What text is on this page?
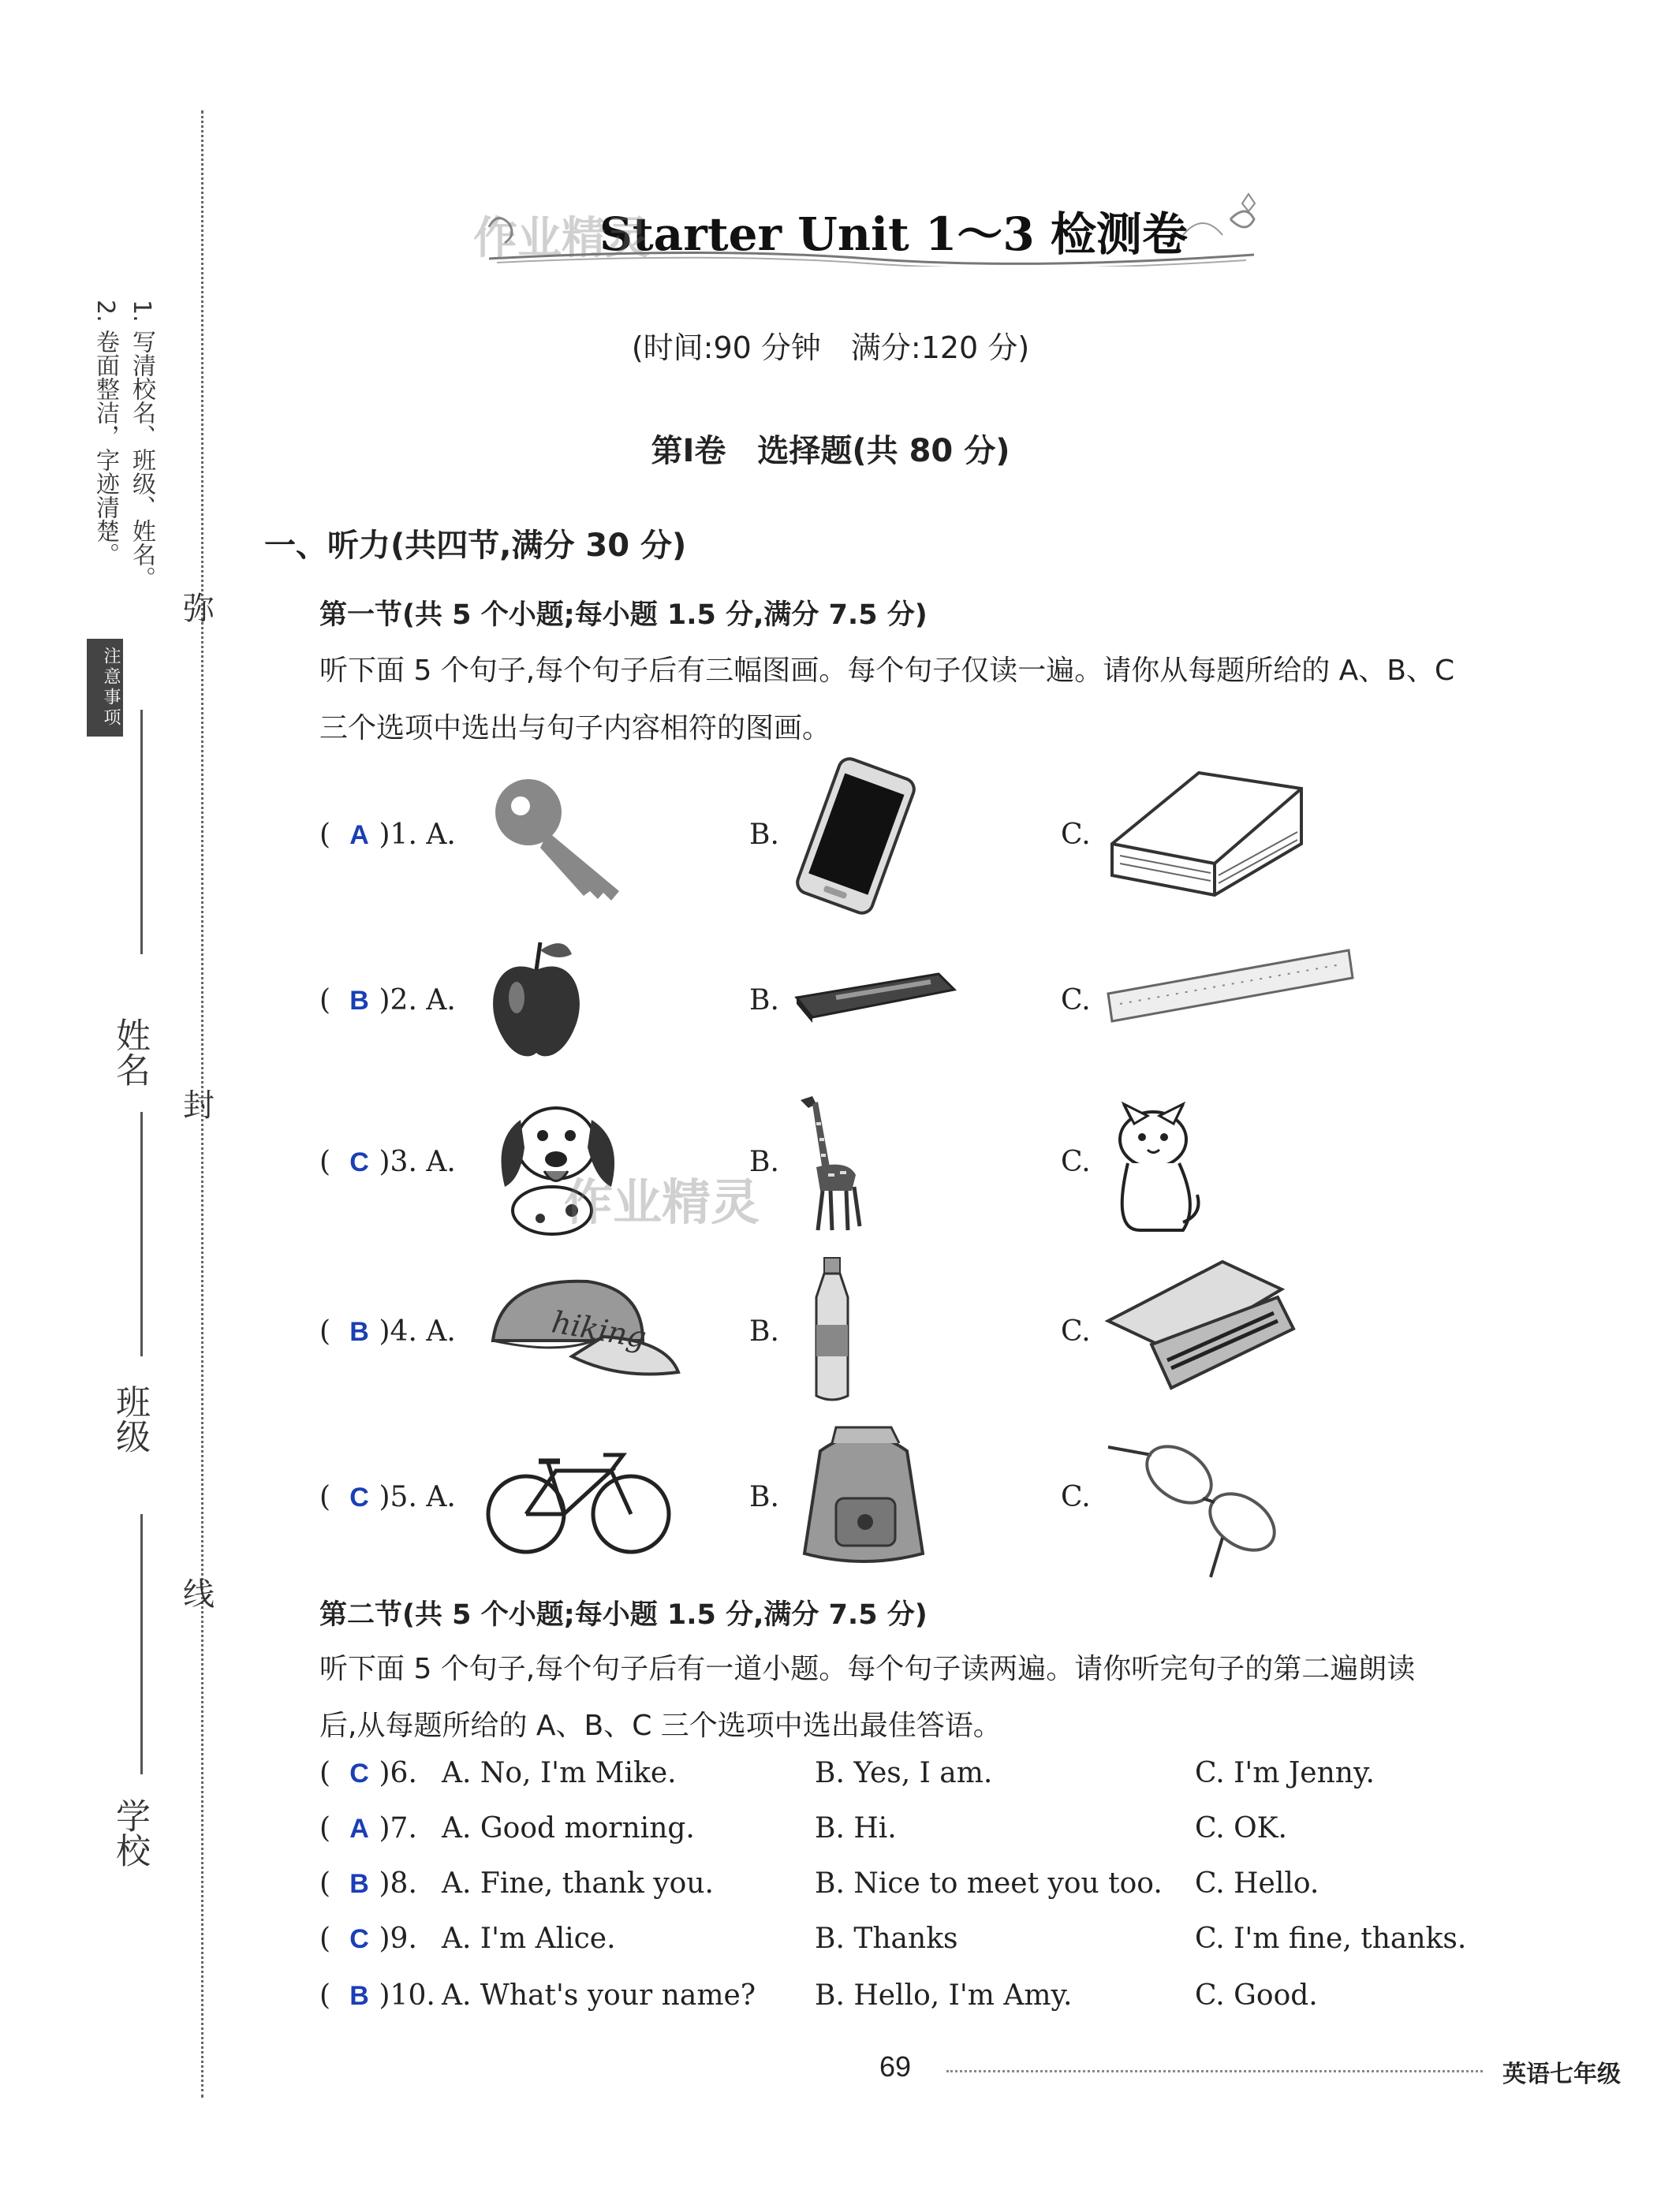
注意事项
1. 写清校名、班级、姓名。
2. 卷面整洁，字迹清楚。
弥
封
线
姓名
班级
学校
Starter Unit 1～3 检测卷
作业精灵
(时间:90 分钟　满分:120 分)
第Ⅰ卷　选择题(共 80 分)
一、听力(共四节,满分 30 分)
第一节(共 5 个小题;每小题 1.5 分,满分 7.5 分)
听下面 5 个句子,每个句子后有三幅图画。每个句子仅读一遍。请你从每题所给的 A、B、C
三个选项中选出与句子内容相符的图画。
( A )1. A.	B.	C.
( B )2. A.	B.	C.
( C )3. A.
作业精灵
B.	C.
( B )4. A.	hiking	B.	C.
( C )5. A.	B.	C.
第二节(共 5 个小题;每小题 1.5 分,满分 7.5 分)
听下面 5 个句子,每个句子后有一道小题。每个句子读两遍。请你听完句子的第二遍朗读
后,从每题所给的 A、B、C 三个选项中选出最佳答语。
( C )6. A. No, I'm Mike.	B. Yes, I am.	C. I'm Jenny.
( A )7. A. Good morning.	B. Hi.	C. OK.
( B )8. A. Fine, thank you.	B. Nice to meet you too. C. Hello.
( C )9. A. I'm Alice.	B. Thanks	C. I'm fine, thanks.
( B )10. A. What's your name? B. Hello, I'm Amy.	C. Good.
69	英语七年级
